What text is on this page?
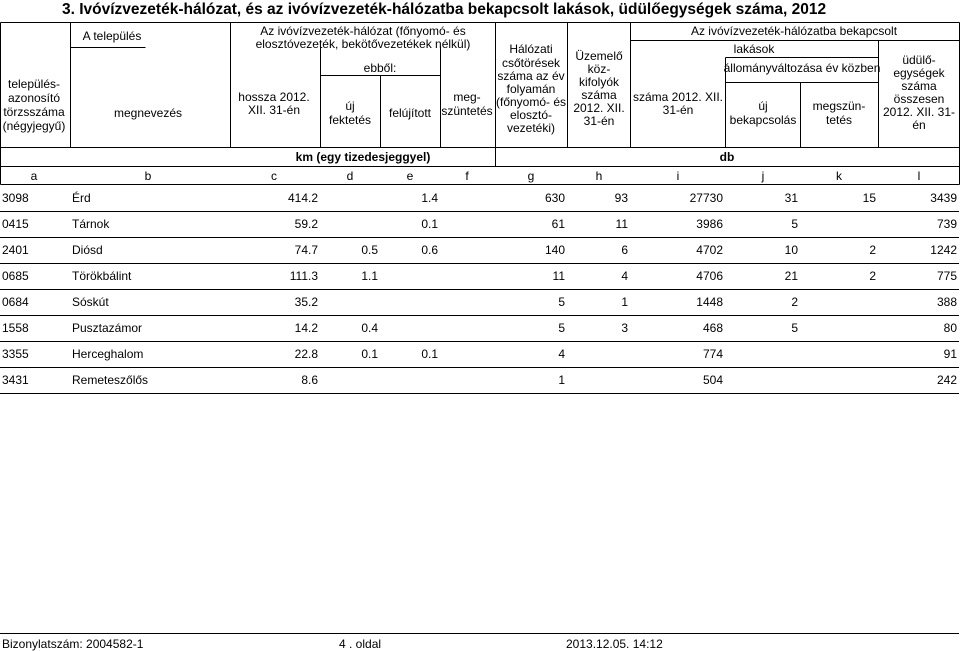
3. Ivóvízvezeték-hálózat, és az ivóvízvezeték-hálózatba bekapcsolt lakások, üdülőegységek száma, 2012
A település
település-
azonosító
törzsszáma
(négyjegyű)
megnevezés
Az ivóvízvezeték-hálózat (főnyomó- és
elosztóvezeték, bekötővezetékek nélkül)
hossza 2012.
XII. 31-én
ebből:
új
fektetés felújított
meg-
szüntetés
Hálózati
csőtörések
száma az év
folyamán
(főnyomó- és
elosztó-
vezetéki)
Üzemelő
köz-
kifolyók
száma
2012. XII.
31-én
Az ivóvízvezeték-hálózatba bekapcsolt
lakások
száma 2012. XII.
31-én
állományváltozása év közben
új
bekapcsolás
megszün-
tetés
üdülő-
egységek
száma
összesen
2012. XII. 31-
én
km (egy tizedesjeggyel)	db
a	b	c	d	e	f	g	h	i	j	k	l
3098	Érd	414.2		1.4		630	93	27730	31	15	3439
0415	Tárnok	59.2		0.1		61	11	3986	5		739
2401	Diósd	74.7	0.5	0.6		140	6	4702	10	2	1242
0685	Törökbálint	111.3	1.1			11	4	4706	21	2	775
0684	Sóskút	35.2				5	1	1448	2		388
1558	Pusztazámor	14.2	0.4			5	3	468	5		80
3355	Herceghalom	22.8	0.1	0.1		4		774			91
3431	Remeteszőlős	8.6				1		504			242
Bizonylatszám: 2004582-1	4 . oldal	2013.12.05. 14:12
